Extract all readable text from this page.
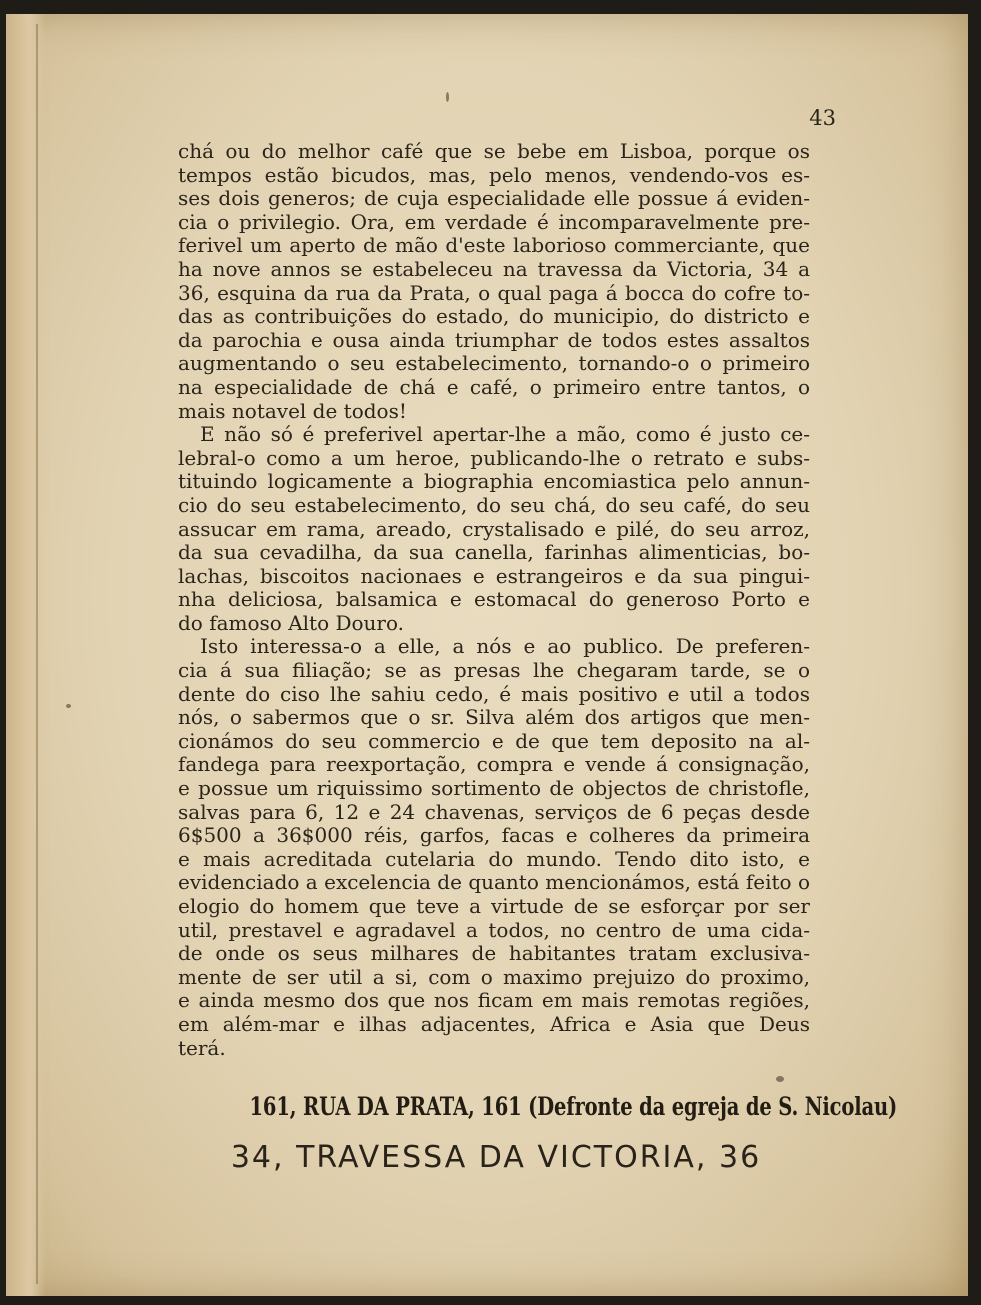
43
chá ou do melhor café que se bebe em Lisboa, porque os
tempos estão bicudos, mas, pelo menos, vendendo-vos es-
ses dois generos; de cuja especialidade elle possue á eviden-
cia o privilegio. Ora, em verdade é incomparavelmente pre-
ferivel um aperto de mão d'este laborioso commerciante, que
ha nove annos se estabeleceu na travessa da Victoria, 34 a
36, esquina da rua da Prata, o qual paga á bocca do cofre to-
das as contribuições do estado, do municipio, do districto e
da parochia e ousa ainda triumphar de todos estes assaltos
augmentando o seu estabelecimento, tornando-o o primeiro
na especialidade de chá e café, o primeiro entre tantos, o
mais notavel de todos!
E não só é preferivel apertar-lhe a mão, como é justo ce-
lebral-o como a um heroe, publicando-lhe o retrato e subs-
tituindo logicamente a biographia encomiastica pelo annun-
cio do seu estabelecimento, do seu chá, do seu café, do seu
assucar em rama, areado, crystalisado e pilé, do seu arroz,
da sua cevadilha, da sua canella, farinhas alimenticias, bo-
lachas, biscoitos nacionaes e estrangeiros e da sua pingui-
nha deliciosa, balsamica e estomacal do generoso Porto e
do famoso Alto Douro.
Isto interessa-o a elle, a nós e ao publico. De preferen-
cia á sua filiação; se as presas lhe chegaram tarde, se o
dente do ciso lhe sahiu cedo, é mais positivo e util a todos
nós, o sabermos que o sr. Silva além dos artigos que men-
cionámos do seu commercio e de que tem deposito na al-
fandega para reexportação, compra e vende á consignação,
e possue um riquissimo sortimento de objectos de christofle,
salvas para 6, 12 e 24 chavenas, serviços de 6 peças desde
6$500 a 36$000 réis, garfos, facas e colheres da primeira
e mais acreditada cutelaria do mundo. Tendo dito isto, e
evidenciado a excelencia de quanto mencionámos, está feito o
elogio do homem que teve a virtude de se esforçar por ser
util, prestavel e agradavel a todos, no centro de uma cida-
de onde os seus milhares de habitantes tratam exclusiva-
mente de ser util a si, com o maximo prejuizo do proximo,
e ainda mesmo dos que nos ficam em mais remotas regiões,
em além-mar e ilhas adjacentes, Africa e Asia que Deus
terá.
161, RUA DA PRATA, 161 (Defronte da egreja de S. Nicolau)
34, TRAVESSA DA VICTORIA, 36
